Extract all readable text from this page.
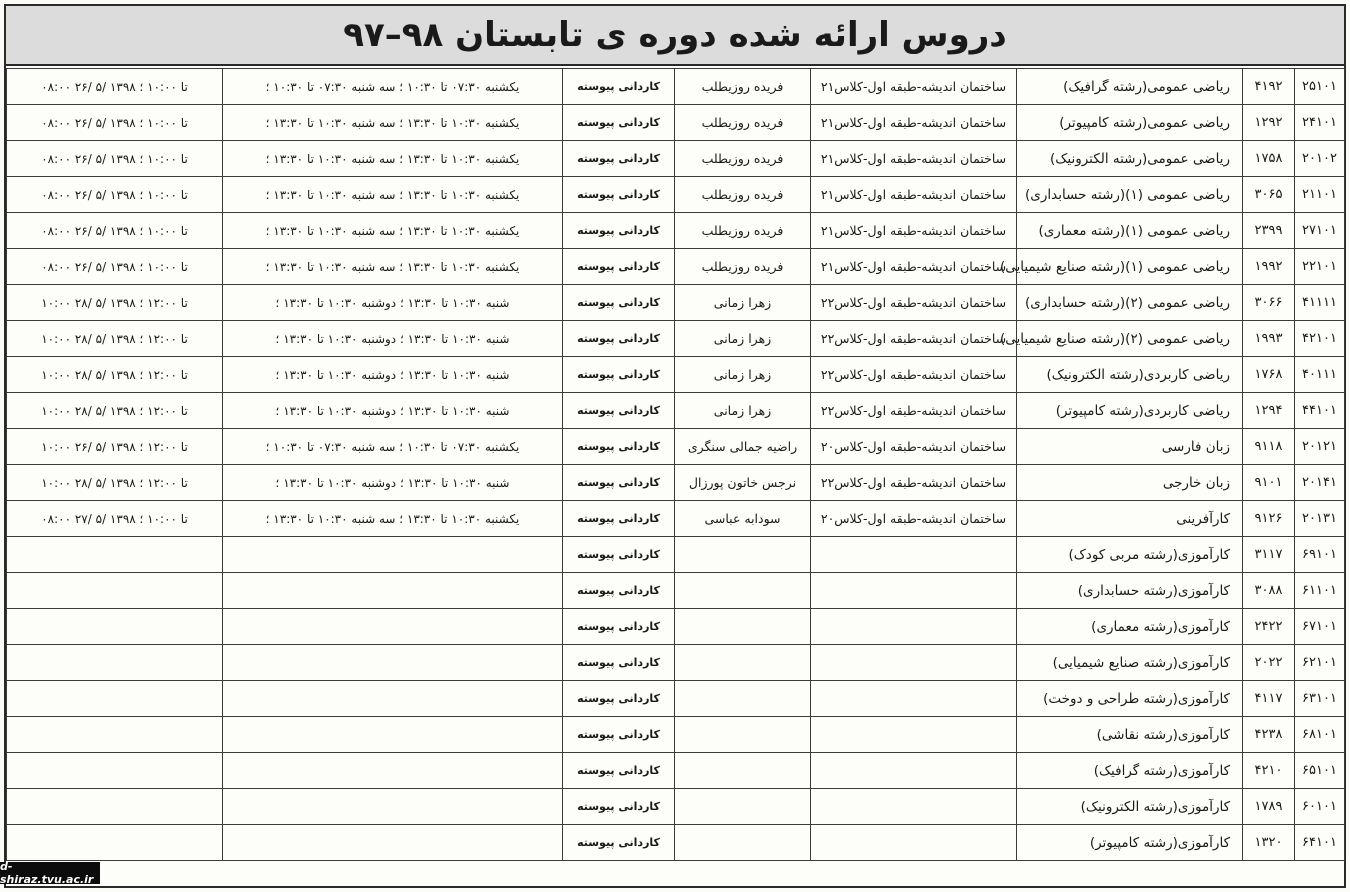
دروس ارائه شده دوره ی تابستان ۹۸–۹۷
۲۵۱۰۱	۴۱۹۲	ریاضی عمومی(رشته گرافیک)	ساختمان اندیشه-طبقه اول-کلاس۲۱	فریده روزیطلب	کاردانی پیوسته	یکشنبه ۰۷:۳۰ تا ۱۰:۳۰ ؛ سه شنبه ۰۷:۳۰ تا ۱۰:۳۰ ؛	تا ۱۰:۰۰ ؛ ۱۳۹۸ /۵ /۲۶ ۰۸:۰۰
۲۴۱۰۱	۱۲۹۲	ریاضی عمومی(رشته کامپیوتر)	ساختمان اندیشه-طبقه اول-کلاس۲۱	فریده روزیطلب	کاردانی پیوسته	یکشنبه ۱۰:۳۰ تا ۱۳:۳۰ ؛ سه شنبه ۱۰:۳۰ تا ۱۳:۳۰ ؛	تا ۱۰:۰۰ ؛ ۱۳۹۸ /۵ /۲۶ ۰۸:۰۰
۲۰۱۰۲	۱۷۵۸	ریاضی عمومی(رشته الکترونیک)	ساختمان اندیشه-طبقه اول-کلاس۲۱	فریده روزیطلب	کاردانی پیوسته	یکشنبه ۱۰:۳۰ تا ۱۳:۳۰ ؛ سه شنبه ۱۰:۳۰ تا ۱۳:۳۰ ؛	تا ۱۰:۰۰ ؛ ۱۳۹۸ /۵ /۲۶ ۰۸:۰۰
۲۱۱۰۱	۳۰۶۵	ریاضی عمومی (۱)(رشته حسابداری)	ساختمان اندیشه-طبقه اول-کلاس۲۱	فریده روزیطلب	کاردانی پیوسته	یکشنبه ۱۰:۳۰ تا ۱۳:۳۰ ؛ سه شنبه ۱۰:۳۰ تا ۱۳:۳۰ ؛	تا ۱۰:۰۰ ؛ ۱۳۹۸ /۵ /۲۶ ۰۸:۰۰
۲۷۱۰۱	۲۳۹۹	ریاضی عمومی (۱)(رشته معماری)	ساختمان اندیشه-طبقه اول-کلاس۲۱	فریده روزیطلب	کاردانی پیوسته	یکشنبه ۱۰:۳۰ تا ۱۳:۳۰ ؛ سه شنبه ۱۰:۳۰ تا ۱۳:۳۰ ؛	تا ۱۰:۰۰ ؛ ۱۳۹۸ /۵ /۲۶ ۰۸:۰۰
۲۲۱۰۱	۱۹۹۲	ریاضی عمومی (۱)(رشته صنایع شیمیایی)	ساختمان اندیشه-طبقه اول-کلاس۲۱	فریده روزیطلب	کاردانی پیوسته	یکشنبه ۱۰:۳۰ تا ۱۳:۳۰ ؛ سه شنبه ۱۰:۳۰ تا ۱۳:۳۰ ؛	تا ۱۰:۰۰ ؛ ۱۳۹۸ /۵ /۲۶ ۰۸:۰۰
۴۱۱۱۱	۳۰۶۶	ریاضی عمومی (۲)(رشته حسابداری)	ساختمان اندیشه-طبقه اول-کلاس۲۲	زهرا زمانی	کاردانی پیوسته	شنبه ۱۰:۳۰ تا ۱۳:۳۰ ؛ دوشنبه ۱۰:۳۰ تا ۱۳:۳۰ ؛	تا ۱۲:۰۰ ؛ ۱۳۹۸ /۵ /۲۸ ۱۰:۰۰
۴۲۱۰۱	۱۹۹۳	ریاضی عمومی (۲)(رشته صنایع شیمیایی)	ساختمان اندیشه-طبقه اول-کلاس۲۲	زهرا زمانی	کاردانی پیوسته	شنبه ۱۰:۳۰ تا ۱۳:۳۰ ؛ دوشنبه ۱۰:۳۰ تا ۱۳:۳۰ ؛	تا ۱۲:۰۰ ؛ ۱۳۹۸ /۵ /۲۸ ۱۰:۰۰
۴۰۱۱۱	۱۷۶۸	ریاضی کاربردی(رشته الکترونیک)	ساختمان اندیشه-طبقه اول-کلاس۲۲	زهرا زمانی	کاردانی پیوسته	شنبه ۱۰:۳۰ تا ۱۳:۳۰ ؛ دوشنبه ۱۰:۳۰ تا ۱۳:۳۰ ؛	تا ۱۲:۰۰ ؛ ۱۳۹۸ /۵ /۲۸ ۱۰:۰۰
۴۴۱۰۱	۱۲۹۴	ریاضی کاربردی(رشته کامپیوتر)	ساختمان اندیشه-طبقه اول-کلاس۲۲	زهرا زمانی	کاردانی پیوسته	شنبه ۱۰:۳۰ تا ۱۳:۳۰ ؛ دوشنبه ۱۰:۳۰ تا ۱۳:۳۰ ؛	تا ۱۲:۰۰ ؛ ۱۳۹۸ /۵ /۲۸ ۱۰:۰۰
۲۰۱۲۱	۹۱۱۸	زبان فارسی	ساختمان اندیشه-طبقه اول-کلاس۲۰	راضیه جمالی سنگری	کاردانی پیوسته	یکشنبه ۰۷:۳۰ تا ۱۰:۳۰ ؛ سه شنبه ۰۷:۳۰ تا ۱۰:۳۰ ؛	تا ۱۲:۰۰ ؛ ۱۳۹۸ /۵ /۲۶ ۱۰:۰۰
۲۰۱۴۱	۹۱۰۱	زبان خارجی	ساختمان اندیشه-طبقه اول-کلاس۲۲	نرجس خاتون پورزال	کاردانی پیوسته	شنبه ۱۰:۳۰ تا ۱۳:۳۰ ؛ دوشنبه ۱۰:۳۰ تا ۱۳:۳۰ ؛	تا ۱۲:۰۰ ؛ ۱۳۹۸ /۵ /۲۸ ۱۰:۰۰
۲۰۱۳۱	۹۱۲۶	کارآفرینی	ساختمان اندیشه-طبقه اول-کلاس۲۰	سودابه عباسی	کاردانی پیوسته	یکشنبه ۱۰:۳۰ تا ۱۳:۳۰ ؛ سه شنبه ۱۰:۳۰ تا ۱۳:۳۰ ؛	تا ۱۰:۰۰ ؛ ۱۳۹۸ /۵ /۲۷ ۰۸:۰۰
۶۹۱۰۱	۳۱۱۷	کارآموزی(رشته مربی کودک)			کاردانی پیوسته		
۶۱۱۰۱	۳۰۸۸	کارآموزی(رشته حسابداری)			کاردانی پیوسته		
۶۷۱۰۱	۲۴۲۲	کارآموزی(رشته معماری)			کاردانی پیوسته		
۶۲۱۰۱	۲۰۲۲	کارآموزی(رشته صنایع شیمیایی)			کاردانی پیوسته		
۶۳۱۰۱	۴۱۱۷	کارآموزی(رشته طراحی و دوخت)			کاردانی پیوسته		
۶۸۱۰۱	۴۲۳۸	کارآموزی(رشته نقاشی)			کاردانی پیوسته		
۶۵۱۰۱	۴۲۱۰	کارآموزی(رشته گرافیک)			کاردانی پیوسته		
۶۰۱۰۱	۱۷۸۹	کارآموزی(رشته الکترونیک)			کاردانی پیوسته		
۶۴۱۰۱	۱۳۲۰	کارآموزی(رشته کامپیوتر)			کاردانی پیوسته		
d-shiraz.tvu.ac.ir
